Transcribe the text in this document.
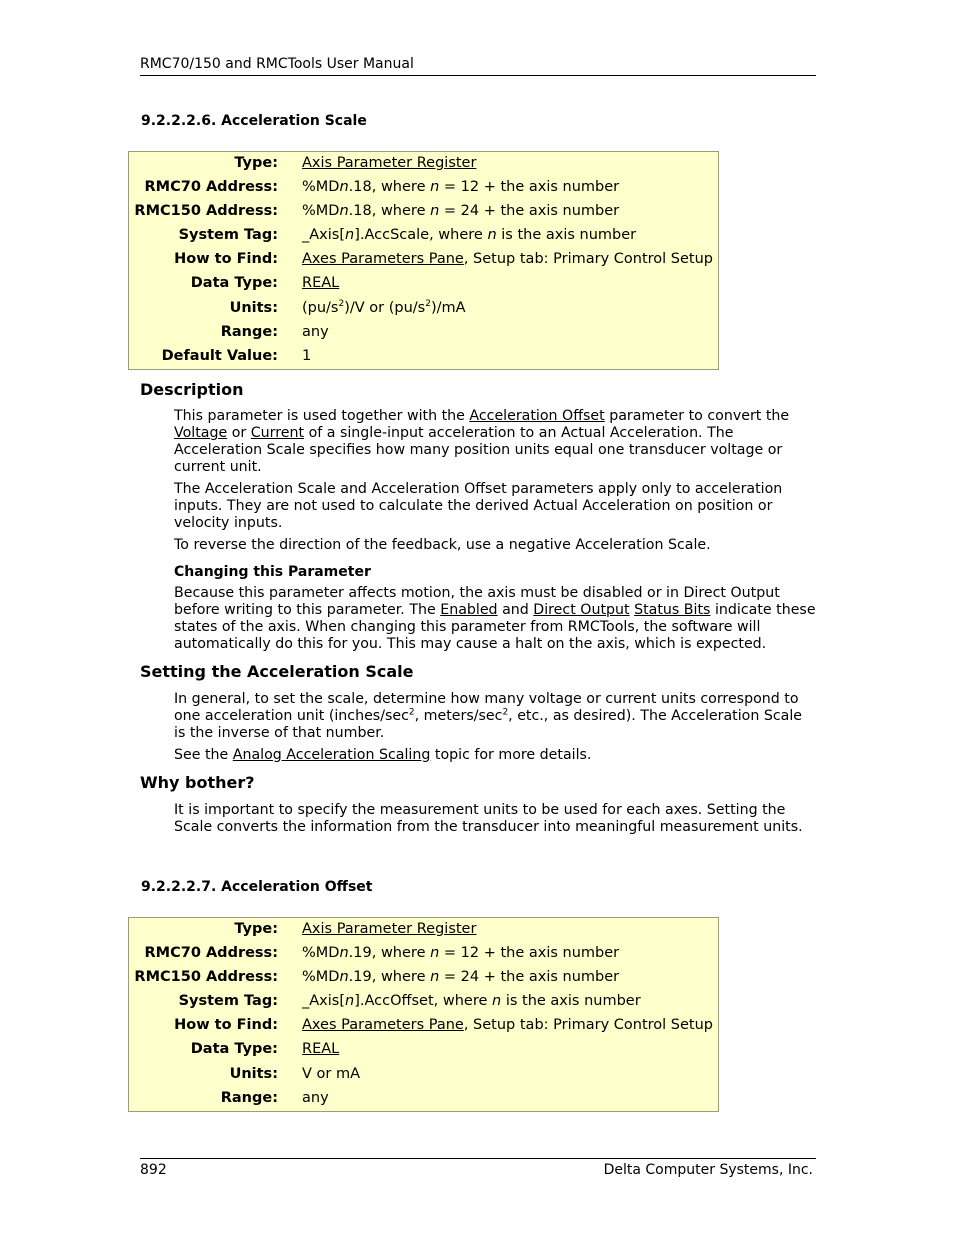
RMC70/150 and RMCTools User Manual
9.2.2.2.6. Acceleration Scale
Type: Axis Parameter Register
RMC70 Address: %MDn.18, where n = 12 + the axis number
RMC150 Address: %MDn.18, where n = 24 + the axis number
System Tag: _Axis[n].AccScale, where n is the axis number
How to Find: Axes Parameters Pane, Setup tab: Primary Control Setup
Data Type: REAL
Units: $(pu/s^2)/V$ or $(pu/s^2)/mA$
Range: any
Default Value: 1
Description
This parameter is used together with the Acceleration Offset parameter to convert the
Voltage or Current of a single-input acceleration to an Actual Acceleration. The
Acceleration Scale specifies how many position units equal one transducer voltage or
current unit.
The Acceleration Scale and Acceleration Offset parameters apply only to acceleration
inputs. They are not used to calculate the derived Actual Acceleration on position or
velocity inputs.
To reverse the direction of the feedback, use a negative Acceleration Scale.
Changing this Parameter
Because this parameter affects motion, the axis must be disabled or in Direct Output
before writing to this parameter. The Enabled and Direct Output Status Bits indicate these
states of the axis. When changing this parameter from RMCTools, the software will
automatically do this for you. This may cause a halt on the axis, which is expected.
Setting the Acceleration Scale
In general, to set the scale, determine how many voltage or current units correspond to
one acceleration unit ($inches/\sec^2$, meters/$\sec^2$, etc., as desired). The Acceleration Scale
is the inverse of that number.
See the Analog Acceleration Scaling topic for more details.
Why bother?
It is important to specify the measurement units to be used for each axes. Setting the
Scale converts the information from the transducer into meaningful measurement units.
9.2.2.2.7. Acceleration Offset
Type: Axis Parameter Register
RMC70 Address: %MDn.19, where n = 12 + the axis number
RMC150 Address: %MDn.19, where n = 24 + the axis number
System Tag: _Axis[n].AccOffset, where n is the axis number
How to Find: Axes Parameters Pane, Setup tab: Primary Control Setup
Data Type: REAL
Units: V or mA
Range: any
892	Delta Computer Systems, Inc.
